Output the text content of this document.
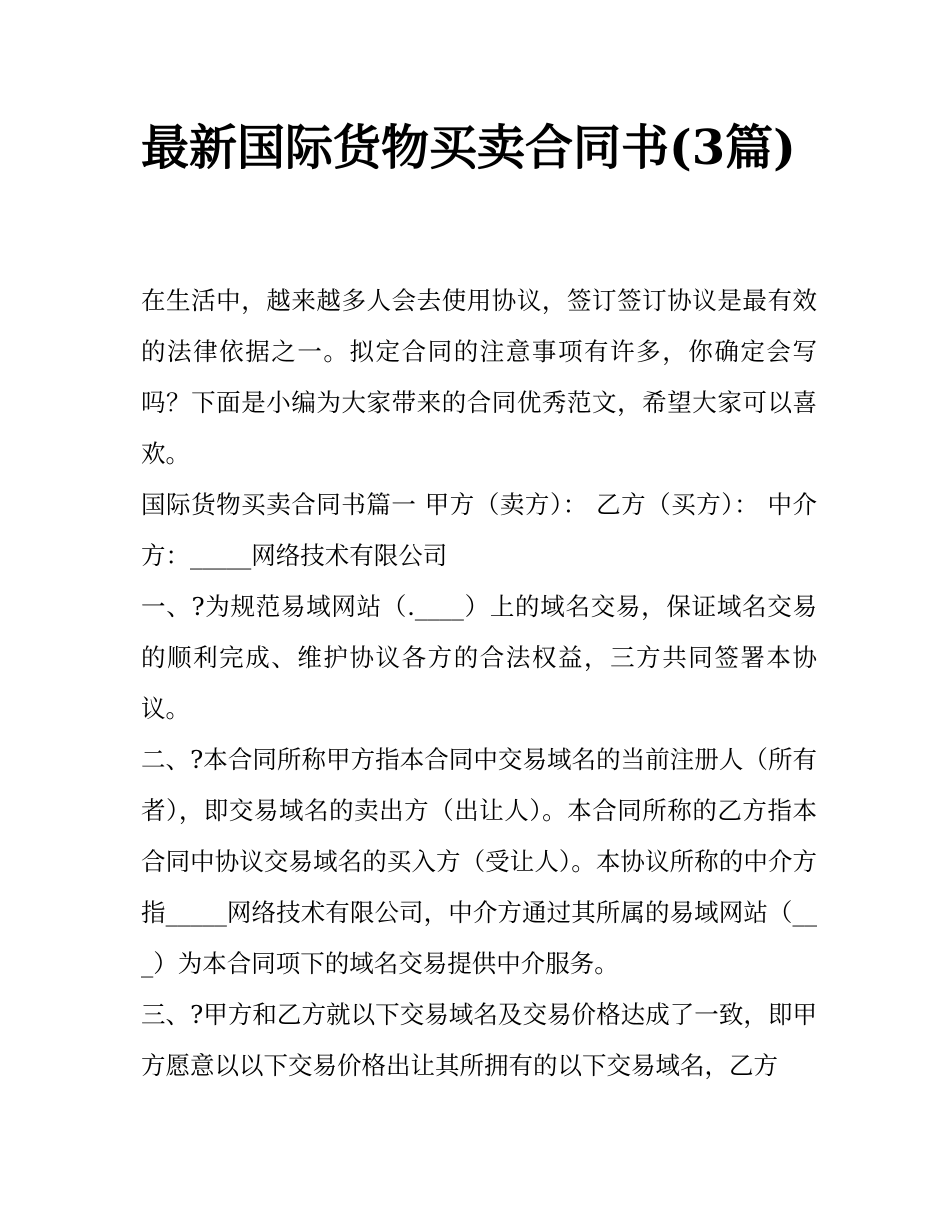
最新国际货物买卖合同书(3篇)

在生活中，越来越多人会去使用协议，签订签订协议是最有效的法律依据之一。拟定合同的注意事项有许多，你确定会写吗？下面是小编为大家带来的合同优秀范文，希望大家可以喜欢。

国际货物买卖合同书篇一 甲方（卖方）： 乙方（买方）： 中介方：_____网络技术有限公司

一、?为规范易域网站（.____）上的域名交易，保证域名交易的顺利完成、维护协议各方的合法权益，三方共同签署本协议。

二、?本合同所称甲方指本合同中交易域名的当前注册人（所有者），即交易域名的卖出方（出让人）。本合同所称的乙方指本合同中协议交易域名的买入方（受让人）。本协议所称的中介方指_____网络技术有限公司，中介方通过其所属的易域网站（___）为本合同项下的域名交易提供中介服务。

三、?甲方和乙方就以下交易域名及交易价格达成了一致，即甲方愿意以以下交易价格出让其所拥有的以下交易域名，乙方
